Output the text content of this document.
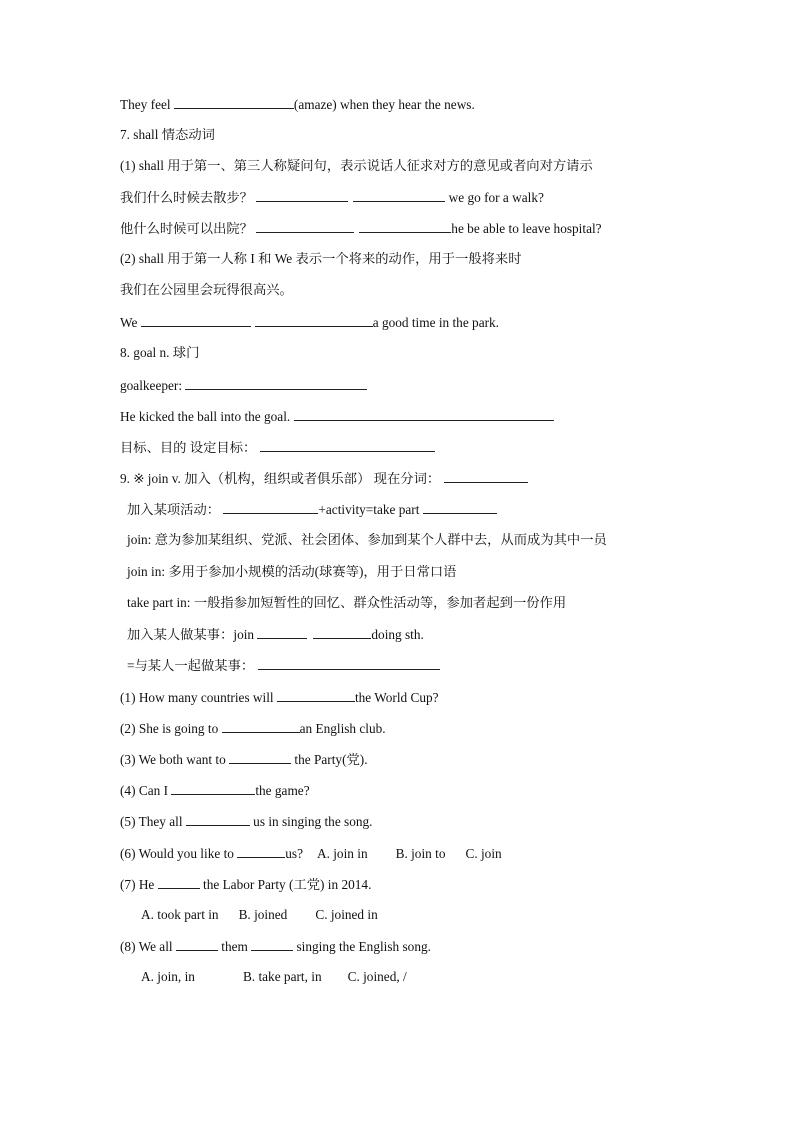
They feel	(amaze) when they hear the news.
7. shall 情态动词
(1) shall 用于第一、第三人称疑问句，表示说话人征求对方的意见或者向对方请示
我们什么时候去散步？	we go for a walk?
他什么时候可以出院？	he be able to leave hospital?
(2) shall 用于第一人称 I 和 We 表示一个将来的动作，用于一般将来时
我们在公园里会玩得很高兴。
We	a good time in the park.
8. goal n. 球门
goalkeeper:
He kicked the ball into the goal.
目标、目的 设定目标：
9. ※ join v. 加入（机构，组织或者俱乐部） 现在分词：
加入某项活动：	+activity=take part
join: 意为参加某组织、党派、社会团体、参加到某个人群中去，从而成为其中一员
join in: 多用于参加小规模的活动(球赛等)，用于日常口语
take part in: 一般指参加短暂性的回忆、群众性活动等，参加者起到一份作用
加入某人做某事：join	doing sth.
=与某人一起做某事：
(1) How many countries will	the World Cup?
(2) She is going to	an English club.
(3) We both want to	the Party(党).
(4) Can I	the game?
(5) They all	us in singing the song.
(6) Would you like to	us? A. join in B. join to C. join
(7) He	the Labor Party (工党) in 2014.
A. took part in B. joined C. joined in
(8) We all	them	singing the English song.
A. join, in	B. take part, in C. joined, /
